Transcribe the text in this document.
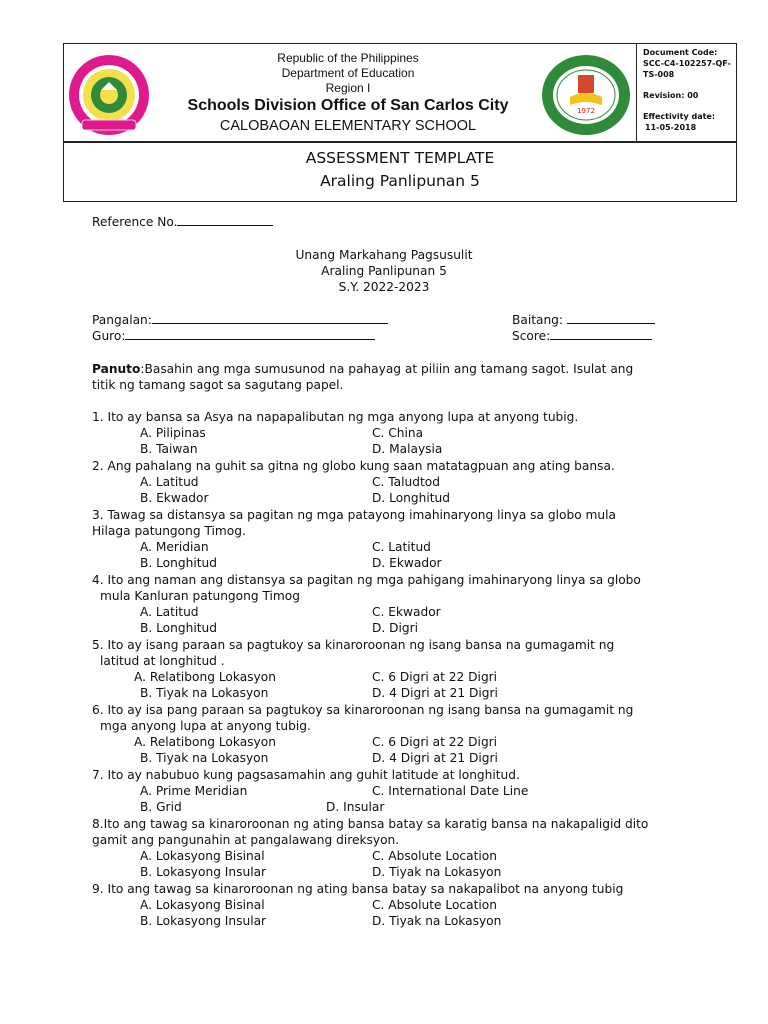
Republic of the Philippines
Department of Education
Region I
Schools Division Office of San Carlos City
CALOBAOAN ELEMENTARY SCHOOL
1972
Document Code:
SCC-C4-102257-QF-
TS-008
Revision: 00
Effectivity date:
11-05-2018
ASSESSMENT TEMPLATE
Araling Panlipunan 5
Reference No.
Unang Markahang Pagsusulit
Araling Panlipunan 5
S.Y. 2022-2023
Pangalan:
Guro:
Baitang:
Score:
Panuto:Basahin ang mga sumusunod na pahayag at piliin ang tamang sagot. Isulat ang
titik ng tamang sagot sa sagutang papel.
1. Ito ay bansa sa Asya na napapalibutan ng mga anyong lupa at anyong tubig.
A. Pilipinas	C. China
B. Taiwan	D. Malaysia
2. Ang pahalang na guhit sa gitna ng globo kung saan matatagpuan ang ating bansa.
A. Latitud	C. Taludtod
B. Ekwador	D. Longhitud
3. Tawag sa distansya sa pagitan ng mga patayong imahinaryong linya sa globo mula
Hilaga patungong Timog.
A. Meridian	C. Latitud
B. Longhitud	D. Ekwador
4. Ito ang naman ang distansya sa pagitan ng mga pahigang imahinaryong linya sa globo
mula Kanluran patungong Timog
A. Latitud	C. Ekwador
B. Longhitud	D. Digri
5. Ito ay isang paraan sa pagtukoy sa kinaroroonan ng isang bansa na gumagamit ng
latitud at longhitud .
A. Relatibong Lokasyon	C. 6 Digri at 22 Digri
B. Tiyak na Lokasyon	D. 4 Digri at 21 Digri
6. Ito ay isa pang paraan sa pagtukoy sa kinaroroonan ng isang bansa na gumagamit ng
mga anyong lupa at anyong tubig.
A. Relatibong Lokasyon	C. 6 Digri at 22 Digri
B. Tiyak na Lokasyon	D. 4 Digri at 21 Digri
7. Ito ay nabubuo kung pagsasamahin ang guhit latitude at longhitud.
A. Prime Meridian	C. International Date Line
B. Grid	D. Insular
8.Ito ang tawag sa kinaroroonan ng ating bansa batay sa karatig bansa na nakapaligid dito
gamit ang pangunahin at pangalawang direksyon.
A. Lokasyong Bisinal	C. Absolute Location
B. Lokasyong Insular	D. Tiyak na Lokasyon
9. Ito ang tawag sa kinaroroonan ng ating bansa batay sa nakapalibot na anyong tubig
A. Lokasyong Bisinal	C. Absolute Location
B. Lokasyong Insular	D. Tiyak na Lokasyon
